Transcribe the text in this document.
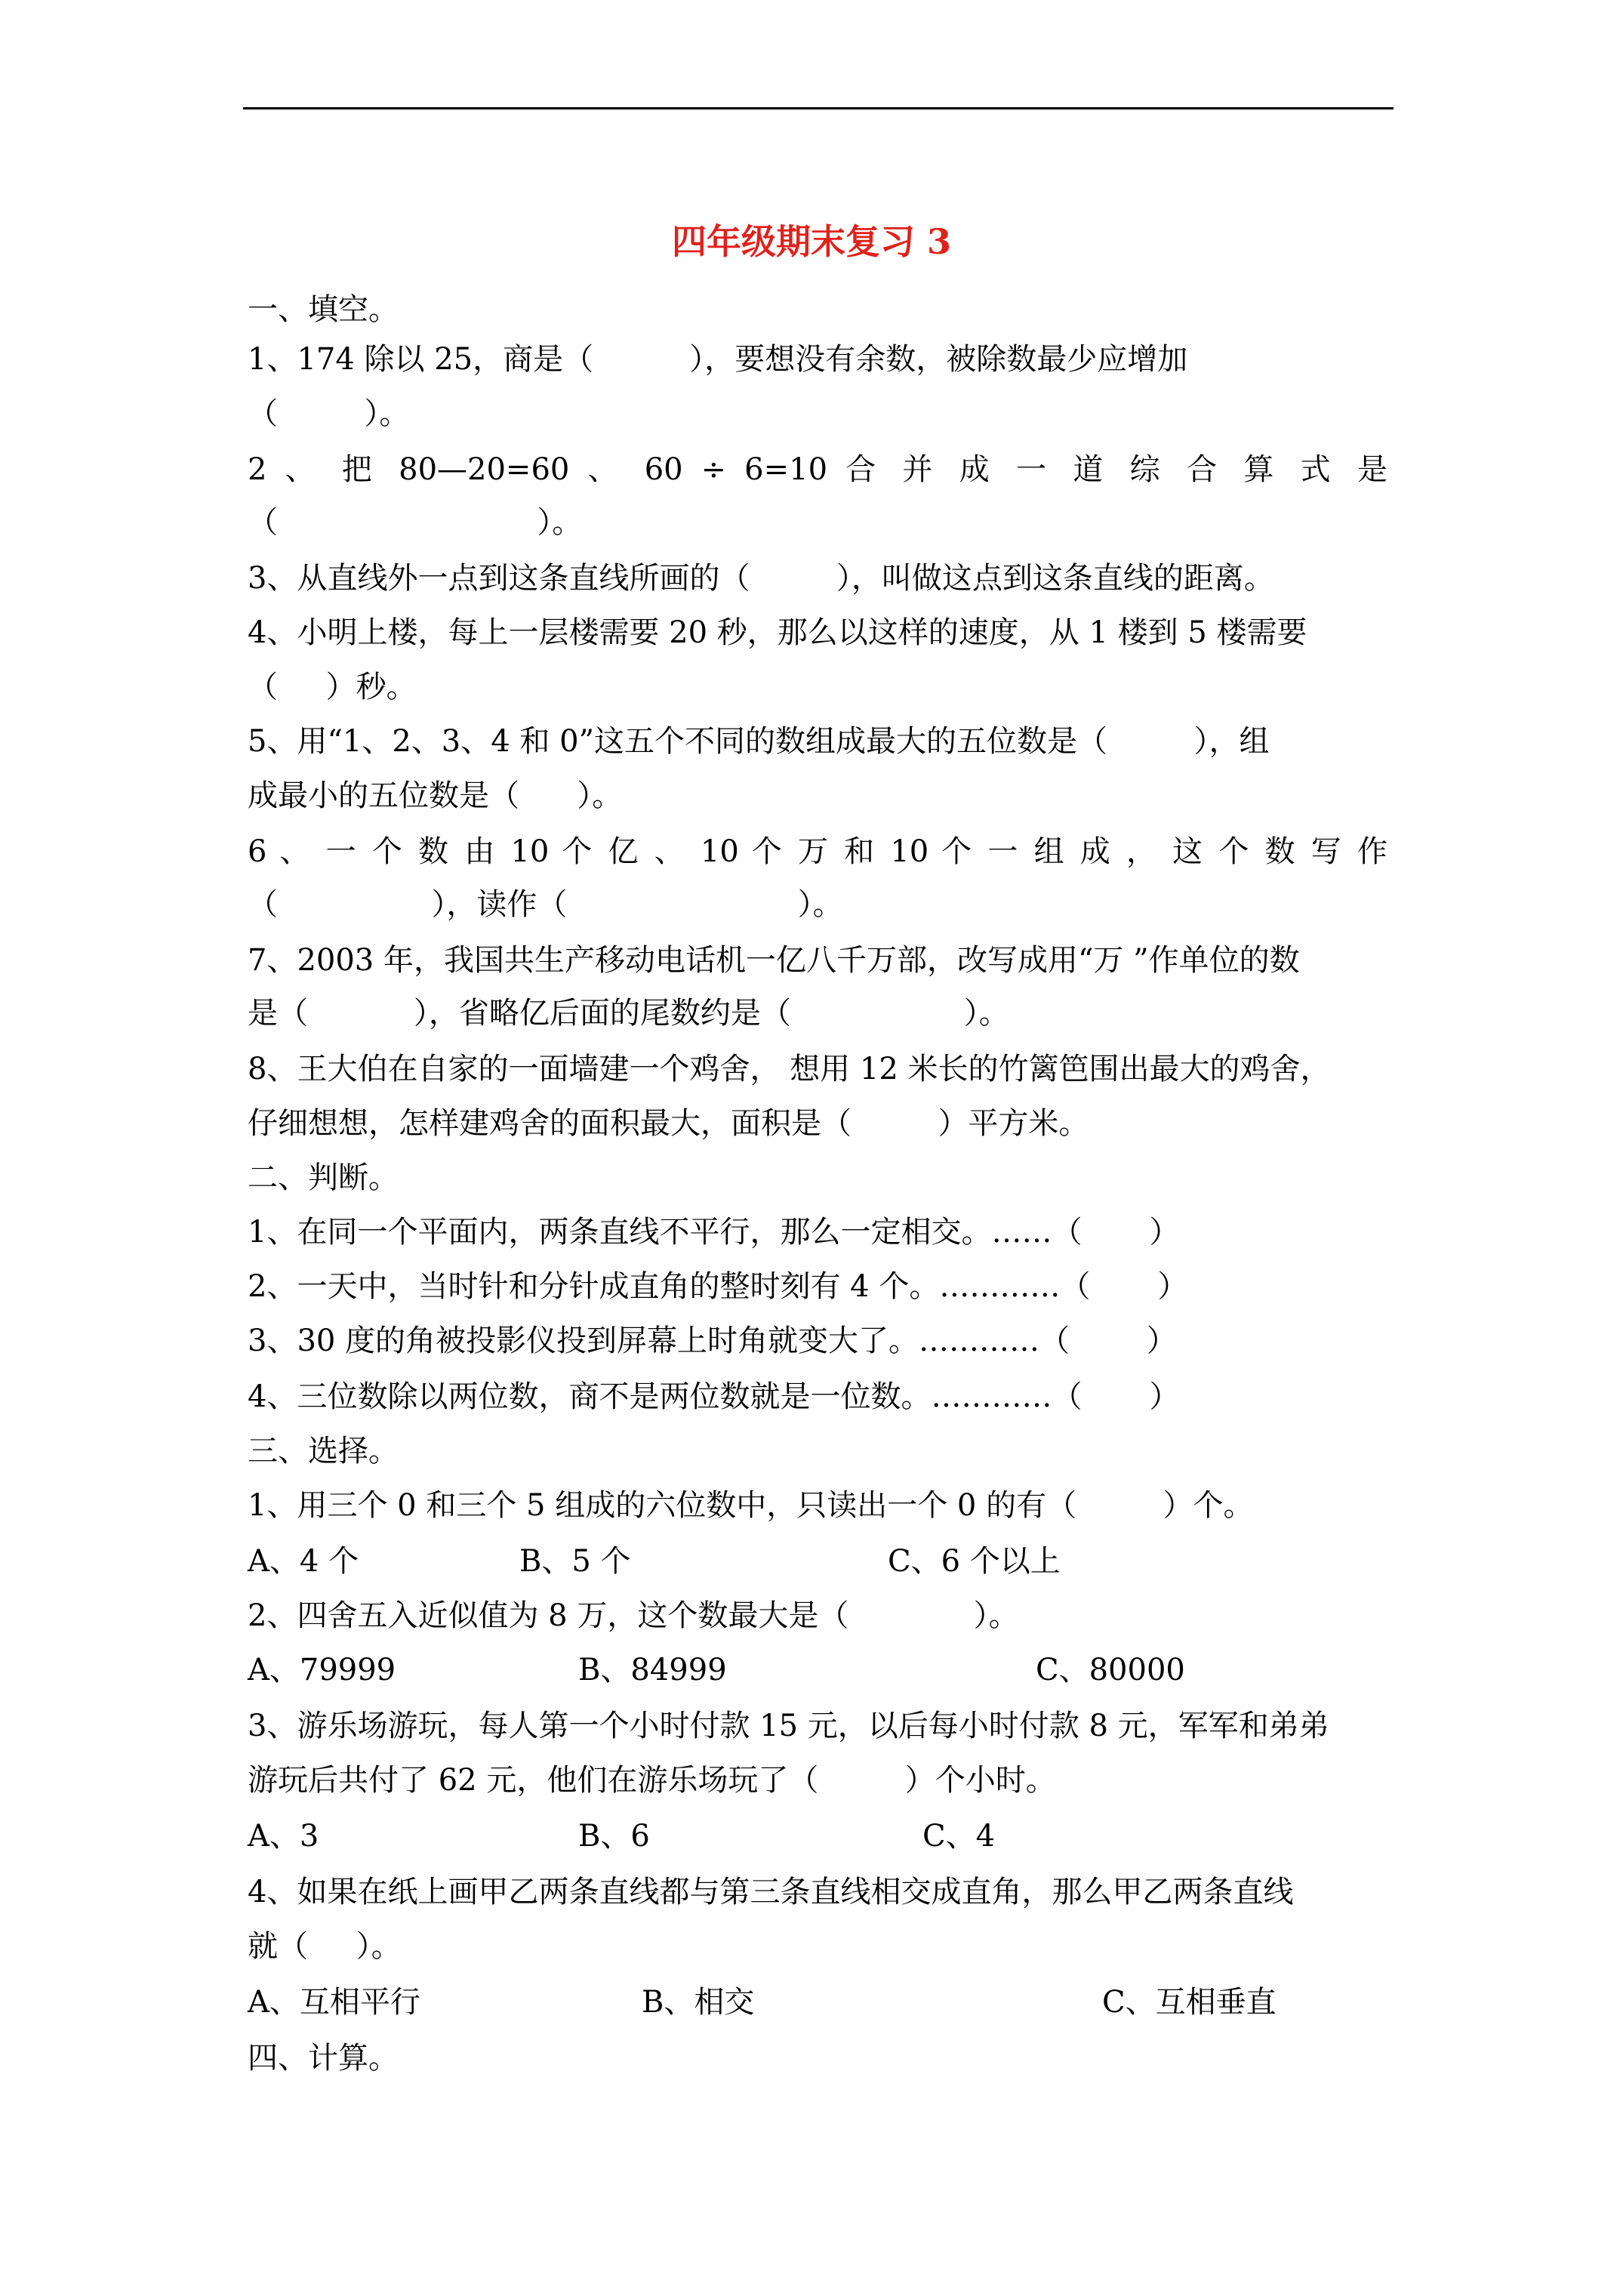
四年级期末复习 3
一、填空。
1、174 除以 25，商是（	），要想没有余数，被除数最少应增加
（	）。
2 、 把 80—20=60 、 60 ÷ 6=10 合 并 成 一 道 综 合 算 式 是
（	）。
3、从直线外一点到这条直线所画的（	），叫做这点到这条直线的距离。
4、小明上楼，每上一层楼需要 20 秒，那么以这样的速度，从 1 楼到 5 楼需要
（ ）秒。
5、用“1、2、3、4 和 0”这五个不同的数组成最大的五位数是（	），组
成最小的五位数是（ ）。
6 、 一 个 数 由 10 个 亿 、 10 个 万 和 10 个 一 组 成 ， 这 个 数 写 作
（	），读作（	）。
7、2003 年，我国共生产移动电话机一亿八千万部，改写成用“万 ”作单位的数
是（	），省略亿后面的尾数约是（	）。
8、王大伯在自家的一面墙建一个鸡舍， 想用 12 米长的竹篱笆围出最大的鸡舍，
仔细想想，怎样建鸡舍的面积最大，面积是（	）平方米。
二、判断。
1、在同一个平面内，两条直线不平行，那么一定相交。……（ ）
2、一天中，当时针和分针成直角的整时刻有 4 个。…………（ ）
3、30 度的角被投影仪投到屏幕上时角就变大了。…………（	）
4、三位数除以两位数，商不是两位数就是一位数。…………（ ）
三、选择。
1、用三个 0 和三个 5 组成的六位数中，只读出一个 0 的有（	）个。
A、4 个	B、5 个	C、6 个以上
2、四舍五入近似值为 8 万，这个数最大是（	）。
A、79999	B、84999	C、80000
3、游乐场游玩，每人第一个小时付款 15 元，以后每小时付款 8 元，军军和弟弟
游玩后共付了 62 元，他们在游乐场玩了（	）个小时。
A、3	B、6	C、4
4、如果在纸上画甲乙两条直线都与第三条直线相交成直角，那么甲乙两条直线
就（ ）。
A、互相平行	B、相交	C、互相垂直
四、计算。
